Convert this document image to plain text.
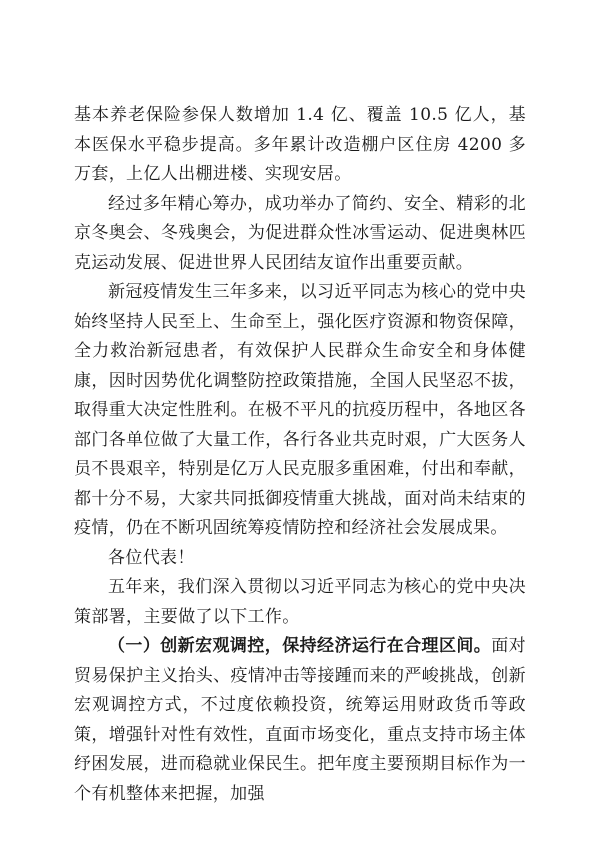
基本养老保险参保人数增加 1.4 亿、覆盖 10.5 亿人，基本医保水平稳步提高。多年累计改造棚户区住房 4200 多万套，上亿人出棚进楼、实现安居。

经过多年精心筹办，成功举办了简约、安全、精彩的北京冬奥会、冬残奥会，为促进群众性冰雪运动、促进奥林匹克运动发展、促进世界人民团结友谊作出重要贡献。

新冠疫情发生三年多来，以习近平同志为核心的党中央始终坚持人民至上、生命至上，强化医疗资源和物资保障，全力救治新冠患者，有效保护人民群众生命安全和身体健康，因时因势优化调整防控政策措施，全国人民坚忍不拔，取得重大决定性胜利。在极不平凡的抗疫历程中，各地区各部门各单位做了大量工作，各行各业共克时艰，广大医务人员不畏艰辛，特别是亿万人民克服多重困难，付出和奉献，都十分不易，大家共同抵御疫情重大挑战，面对尚未结束的疫情，仍在不断巩固统筹疫情防控和经济社会发展成果。

各位代表！

五年来，我们深入贯彻以习近平同志为核心的党中央决策部署，主要做了以下工作。

（一）创新宏观调控，保持经济运行在合理区间。面对贸易保护主义抬头、疫情冲击等接踵而来的严峻挑战，创新宏观调控方式，不过度依赖投资，统筹运用财政货币等政策，增强针对性有效性，直面市场变化，重点支持市场主体纾困发展，进而稳就业保民生。把年度主要预期目标作为一个有机整体来把握，加强
